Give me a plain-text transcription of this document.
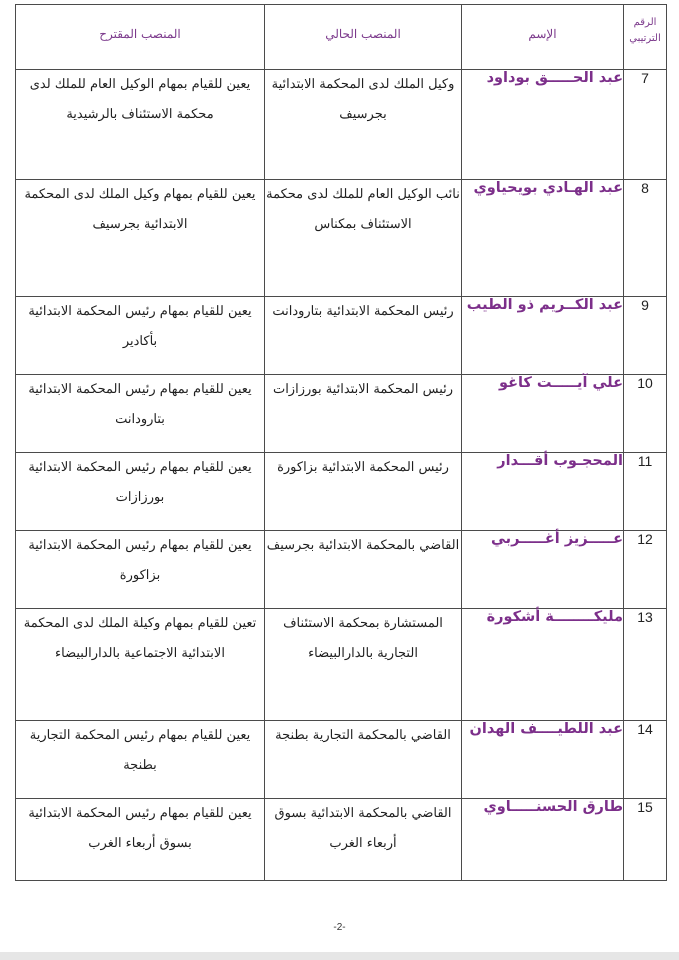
الرقم الترتيبي	الإسم	المنصب الحالي	المنصب المقترح

7	عبد الحـــــق بوداود	وكيل الملك لدى المحكمة الابتدائية بجرسيف	يعين للقيام بمهام الوكيل العام للملك لدى محكمة الاستئناف بالرشيدية
8	عبد الهـادي بويحياوي	نائب الوكيل العام للملك لدى محكمة الاستئناف بمكناس	يعين للقيام بمهام وكيل الملك لدى المحكمة الابتدائية بجرسيف
9	عبد الكــريم ذو الطيب	رئيس المحكمة الابتدائية بتارودانت	يعين للقيام بمهام رئيس المحكمة الابتدائية بأكادير
10	علي آيـــــت كاغو	رئيس المحكمة الابتدائية بورزازات	يعين للقيام بمهام رئيس المحكمة الابتدائية بتارودانت
11	المحجـوب أقـــدار	رئيس المحكمة الابتدائية بزاكورة	يعين للقيام بمهام رئيس المحكمة الابتدائية بورزازات
12	عـــــزيز أغـــــربي	القاضي بالمحكمة الابتدائية بجرسيف	يعين للقيام بمهام رئيس المحكمة الابتدائية بزاكورة
13	مليكــــــــة أشكورة	المستشارة بمحكمة الاستئناف التجارية بالدارالبيضاء	تعين للقيام بمهام وكيلة الملك لدى المحكمة الابتدائية الاجتماعية بالدارالبيضاء
14	عبد اللطيــــف الهدان	القاضي بالمحكمة التجارية بطنجة	يعين للقيام بمهام رئيس المحكمة التجارية بطنجة
15	طارق الحسنـــــاوي	القاضي بالمحكمة الابتدائية بسوق أربعاء الغرب	يعين للقيام بمهام رئيس المحكمة الابتدائية بسوق أربعاء الغرب
-2-
